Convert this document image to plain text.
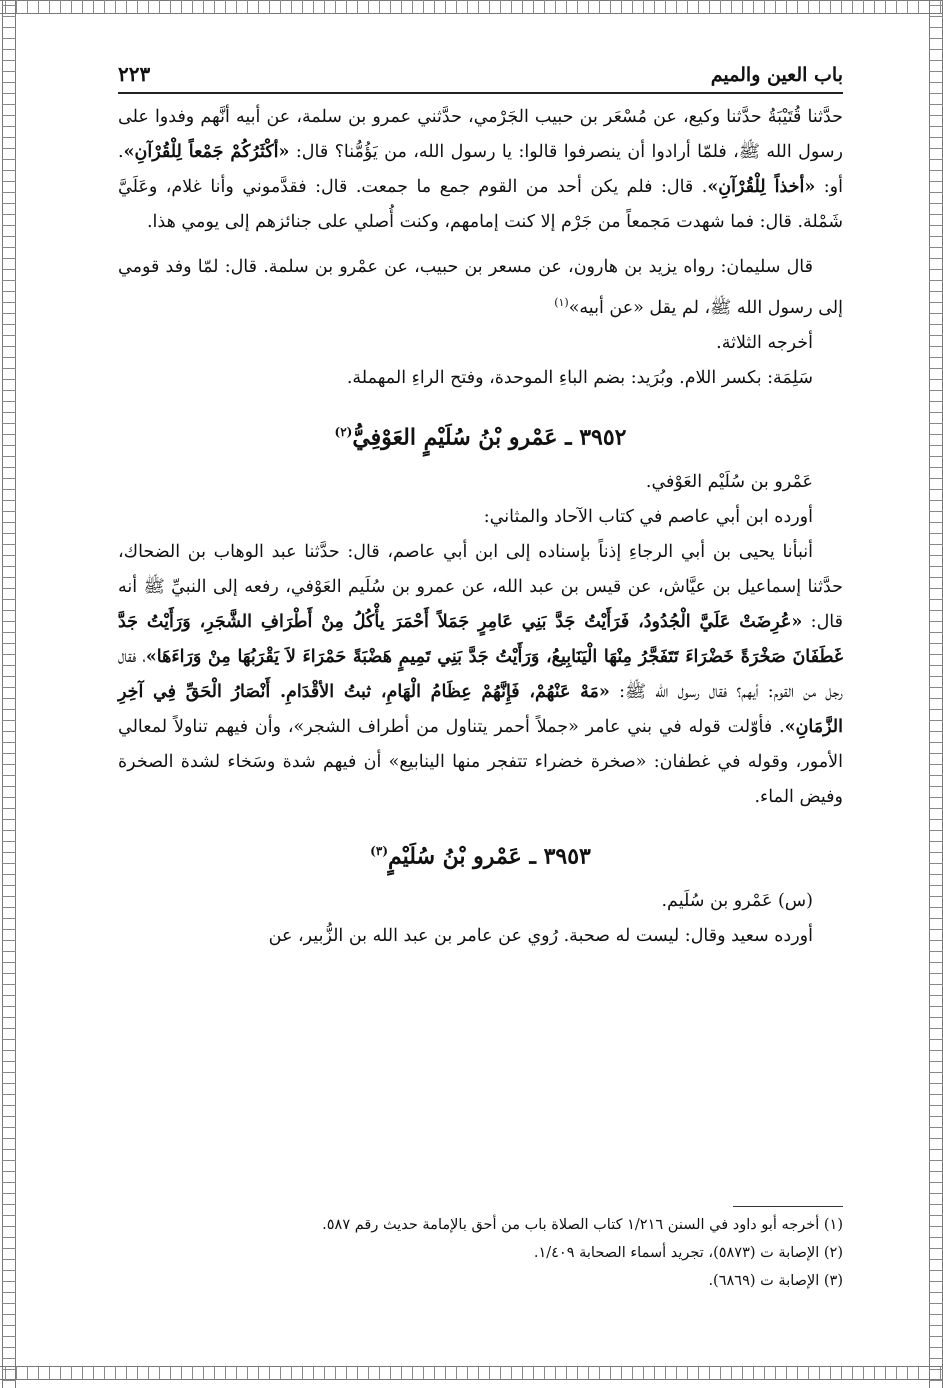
باب العين والميم
٢٢٣

حدَّثنا قُتَيْبَةُ حدَّثنا وكيع، عن مُسْعَر بن حبيب الجَرْمي، حدَّثني عمرو بن سلمة، عن أبيه أنَّهم وفدوا على رسول الله ﷺ، فلمّا أرادوا أن ينصرفوا قالوا: يا رسول الله، من يَؤُمُّنا؟ قال: «أكْثَرُكُمْ جَمْعاً لِلْقُرْآنِ». أو: «أخذاً لِلْقُرْآنِ». قال: فلم يكن أحد من القوم جمع ما جمعت. قال: فقدَّموني وأنا غلام، وعَلَيَّ شَمْلة. قال: فما شهدت مَجمعاً من جَرْم إلا كنت إمامهم، وكنت أُصلي على جنائزهم إلى يومي هذا.

قال سليمان: رواه يزيد بن هارون، عن مسعر بن حبيب، عن عمْرو بن سلمة. قال: لمّا وفد قومي إلى رسول الله ﷺ، لم يقل «عن أبيه»$^{(١)}$

أخرجه الثلاثة.

سَلِمَة: بكسر اللام. وبُرَيد: بضم الباءِ الموحدة، وفتح الراءِ المهملة.

٣٩٥٢ ـ عَمْرو بْنُ سُلَيْمٍ العَوْفِيُّ$^{(٢)}$

عَمْرو بن سُلَيْم العَوْفي.

أورده ابن أبي عاصم في كتاب الآحاد والمثاني:

أنبأنا يحيى بن أبي الرجاءِ إذناً بإسناده إلى ابن أبي عاصم، قال: حدَّثنا عبد الوهاب بن الضحاك، حدَّثنا إسماعيل بن عيَّاش، عن قيس بن عبد الله، عن عمرو بن سُلَيم العَوْفي، رفعه إلى النبيِّ ﷺ أنه قال: «عُرِضَتْ عَلَيَّ الْجُدُودُ، فَرَأَيْتُ جَدَّ بَنِي عَامِرٍ جَمَلاً أَحْمَرَ يأْكُلُ مِنْ أَطْرَافِ الشَّجَرِ، وَرَأَيْتُ جَدَّ غَطَفَانَ صَخْرَةً خَضْرَاءَ تَتَفَجَّرُ مِنْهَا الْيَنَابِيعُ، وَرَأَيْتُ جَدَّ بَنِي تَمِيمٍ هَضْبَةً حَمْرَاءَ لاَ يَقْرَبُهَا مِنْ وَرَاءَهَا»، فقال رجل من القوم: أيهم؟ فقال رسول الله ﷺ: «مَهْ عَنْهُمْ، فَإِنَّهُمْ عِظَامُ الْهَامِ، ثبتُ الأقْدَامِ. أَنْصَارُ الْحَقِّ فِي آخِرِ الزَّمَانِ». فأوّلت قوله في بني عامر «جملاً أحمر يتناول من أطراف الشجر»، وأن فيهم تناولاً لمعالي الأمور، وقوله في غطفان: «صخرة خضراء تتفجر منها الينابيع» أن فيهم شدة وسَخاء لشدة الصخرة وفيض الماء.

٣٩٥٣ ـ عَمْرو بْنُ سُلَيْمٍ$^{(٣)}$

(س) عَمْرو بن سُلَيم.

أورده سعيد وقال: ليست له صحبة. رُوي عن عامر بن عبد الله بن الزُّبير، عن

(١) أخرجه أبو داود في السنن ١/٢١٦ كتاب الصلاة باب من أحق بالإمامة حديث رقم ٥٨٧.

(٢) الإصابة ت (٥٨٧٣)، تجريد أسماء الصحابة ١/٤٠٩.

(٣) الإصابة ت (٦٨٦٩).
